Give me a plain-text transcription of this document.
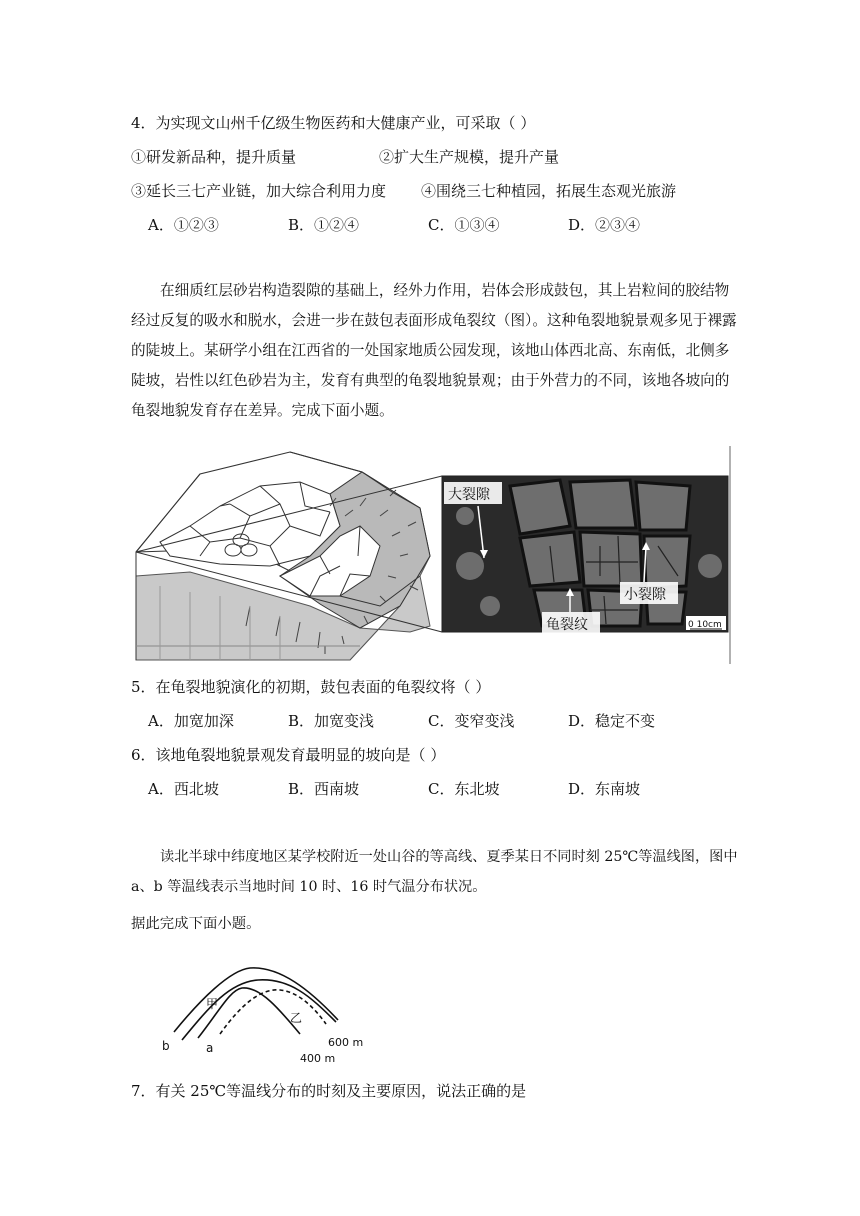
4．为实现文山州千亿级生物医药和大健康产业，可采取（ ）
①研发新品种，提升质量	②扩大生产规模，提升产量
③延长三七产业链，加大综合利用力度 ④围绕三七种植园，拓展生态观光旅游
A．①②③	B．①②④	C．①③④	D．②③④

在细质红层砂岩构造裂隙的基础上，经外力作用，岩体会形成鼓包，其上岩粒间的胶结物经过反复的吸水和脱水，会进一步在鼓包表面形成龟裂纹（图）。这种龟裂地貌景观多见于裸露的陡坡上。某研学小组在江西省的一处国家地质公园发现，该地山体西北高、东南低，北侧多陡坡，岩性以红色砂岩为主，发育有典型的龟裂地貌景观；由于外营力的不同，该地各坡向的龟裂地貌发育存在差异。完成下面小题。

大裂隙
小裂隙
龟裂纹	0 10cm
5．在龟裂地貌演化的初期，鼓包表面的龟裂纹将（ ）
A．加宽加深	B．加宽变浅	C．变窄变浅	D．稳定不变
6．该地龟裂地貌景观发育最明显的坡向是（ ）
A．西北坡	B．西南坡	C．东北坡	D．东南坡

读北半球中纬度地区某学校附近一处山谷的等高线、夏季某日不同时刻 25℃等温线图，图中 a、b 等温线表示当地时间 10 时、16 时气温分布状况。

据此完成下面小题。
甲
乙
b	a	600 m
400 m
7．有关 25℃等温线分布的时刻及主要原因，说法正确的是
